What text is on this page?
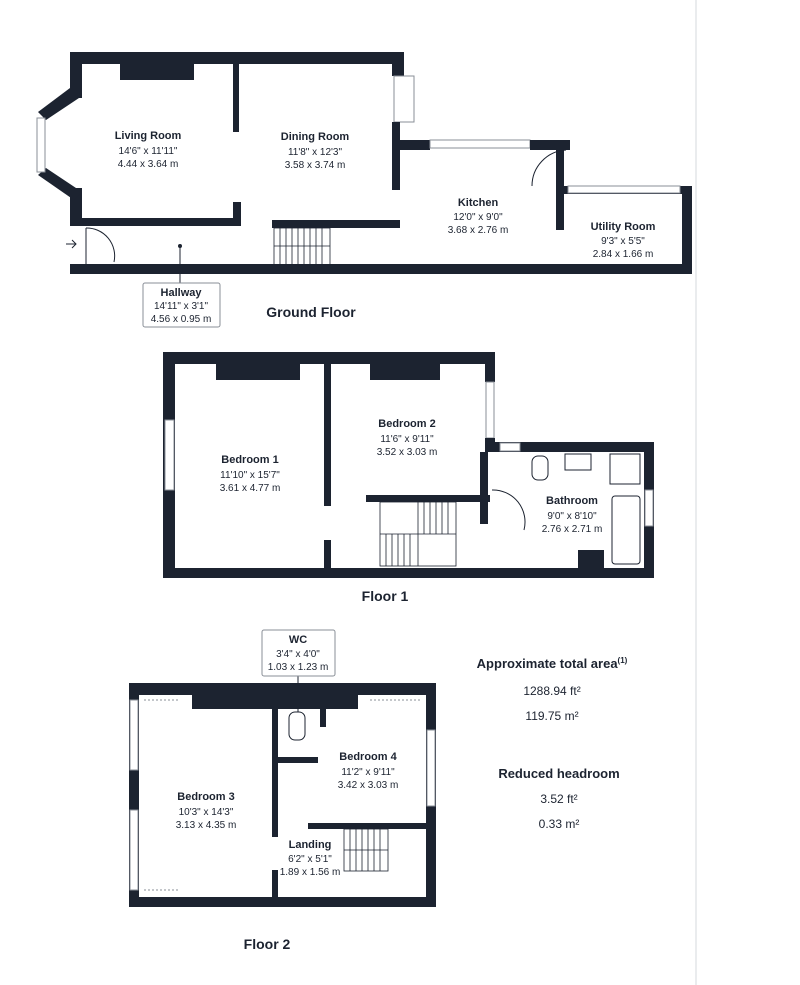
Living Room
14'6" x 11'11"
4.44 x 3.64 m
Dining Room
11'8" x 12'3"
3.58 x 3.74 m
Kitchen
12'0" x 9'0"
3.68 x 2.76 m	Utility Room
9'3" x 5'5"
2.84 x 1.66 m
Hallway
14'11" x 3'1"
4.56 x 0.95 m	Ground Floor
Bedroom 1
11'10" x 15'7"
3.61 x 4.77 m
Bedroom 2
11'6" x 9'11"
3.52 x 3.03 m
Bathroom
9'0" x 8'10"
2.76 x 2.71 m
Floor 1
WC
3'4" x 4'0"
1.03 x 1.23 m
Bedroom 3
10'3" x 14'3"
3.13 x 4.35 m
Bedroom 4
11'2" x 9'11"
3.42 x 3.03 m
Landing
6'2" x 5'1"
1.89 x 1.56 m
Floor 2
Approximate total area$^{(1)}$
1288.94 ft²
119.75 m²
Reduced headroom
3.52 ft²
0.33 m²
